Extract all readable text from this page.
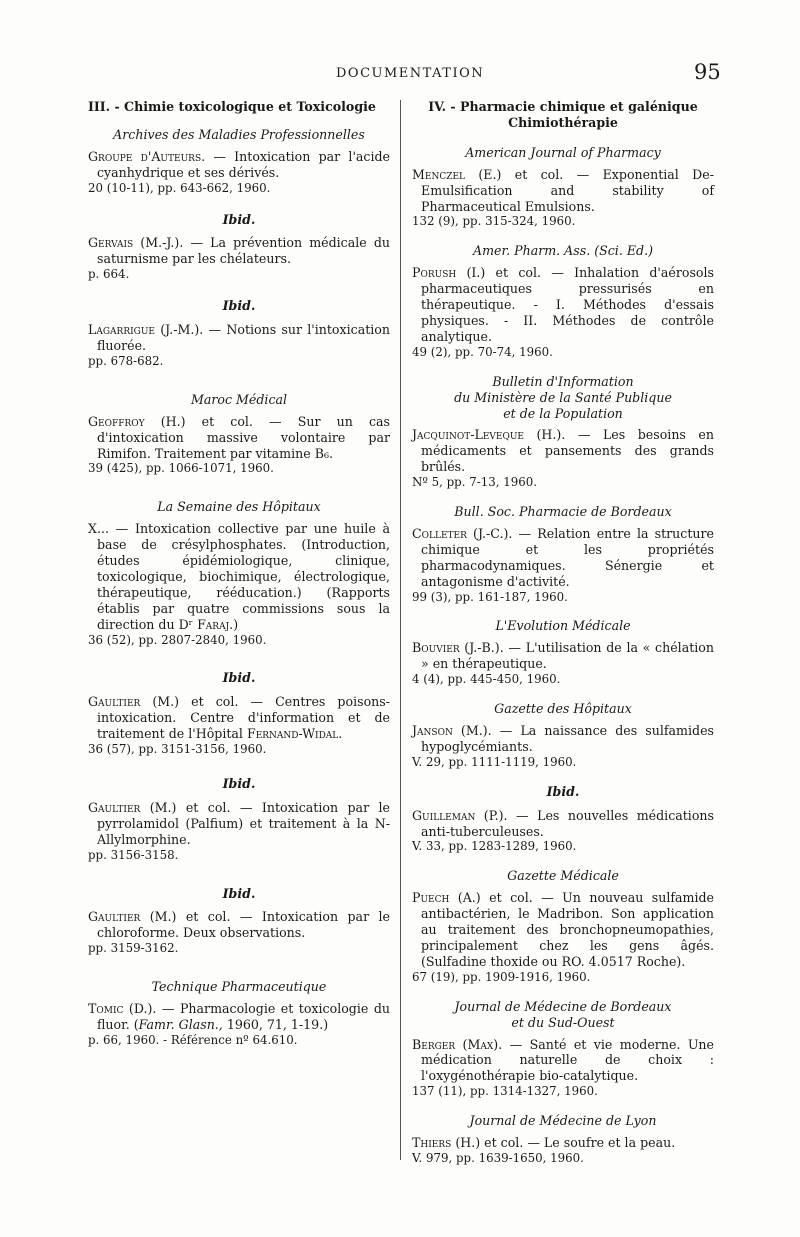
DOCUMENTATION	95
III. - Chimie toxicologique et Toxicologie
Archives des Maladies Professionnelles

Groupe d'Auteurs. — Intoxication par l'acide cyanhydrique et ses dérivés.

20 (10-11), pp. 643-662, 1960.

Ibid.

Gervais (M.-J.). — La prévention médicale du saturnisme par les chélateurs.

p. 664.

Ibid.

Lagarrigue (J.-M.). — Notions sur l'intoxication fluorée.

pp. 678-682.

Maroc Médical

Geoffroy (H.) et col. — Sur un cas d'intoxication massive volontaire par Rimifon. Traitement par vitamine B₆.

39 (425), pp. 1066-1071, 1960.

La Semaine des Hôpitaux

X... — Intoxication collective par une huile à base de crésylphosphates. (Introduction, études épidémiologique, clinique, toxicologique, biochimique, électrologique, thérapeutique, rééducation.) (Rapports établis par quatre commissions sous la direction du Dʳ Faraj.)

36 (52), pp. 2807-2840, 1960.

Ibid.

Gaultier (M.) et col. — Centres poisons-intoxication. Centre d'information et de traitement de l'Hôpital Fernand-Widal.

36 (57), pp. 3151-3156, 1960.

Ibid.

Gaultier (M.) et col. — Intoxication par le pyrrolamidol (Palfium) et traitement à la N-Allylmorphine.

pp. 3156-3158.

Ibid.

Gaultier (M.) et col. — Intoxication par le chloroforme. Deux observations.

pp. 3159-3162.

Technique Pharmaceutique

Tomic (D.). — Pharmacologie et toxicologie du fluor. (Famr. Glasn., 1960, 71, 1-19.)

p. 66, 1960. - Référence nº 64.610.

IV. - Pharmacie chimique et galénique
Chimiothérapie
American Journal of Pharmacy

Menczel (E.) et col. — Exponential De-Emulsification and stability of Pharmaceutical Emulsions.

132 (9), pp. 315-324, 1960.

Amer. Pharm. Ass. (Sci. Ed.)

Porush (I.) et col. — Inhalation d'aérosols pharmaceutiques pressurisés en thérapeutique. - I. Méthodes d'essais physiques. - II. Méthodes de contrôle analytique.

49 (2), pp. 70-74, 1960.

Bulletin d'Information
du Ministère de la Santé Publique
et de la Population

Jacquinot-Leveque (H.). — Les besoins en médicaments et pansements des grands brûlés.

Nº 5, pp. 7-13, 1960.

Bull. Soc. Pharmacie de Bordeaux

Colleter (J.-C.). — Relation entre la structure chimique et les propriétés pharmacodynamiques. Sénergie et antagonisme d'activité.

99 (3), pp. 161-187, 1960.

L'Evolution Médicale

Bouvier (J.-B.). — L'utilisation de la « chélation » en thérapeutique.

4 (4), pp. 445-450, 1960.

Gazette des Hôpitaux

Janson (M.). — La naissance des sulfamides hypoglycémiants.

V. 29, pp. 1111-1119, 1960.

Ibid.

Guilleman (P.). — Les nouvelles médications anti-tuberculeuses.

V. 33, pp. 1283-1289, 1960.

Gazette Médicale

Puech (A.) et col. — Un nouveau sulfamide antibactérien, le Madribon. Son application au traitement des bronchopneumopathies, principalement chez les gens âgés. (Sulfadine thoxide ou RO. 4.0517 Roche).

67 (19), pp. 1909-1916, 1960.

Journal de Médecine de Bordeaux
et du Sud-Ouest

Berger (Max). — Santé et vie moderne. Une médication naturelle de choix : l'oxygénothérapie bio-catalytique.

137 (11), pp. 1314-1327, 1960.

Journal de Médecine de Lyon

Thiers (H.) et col. — Le soufre et la peau.

V. 979, pp. 1639-1650, 1960.
